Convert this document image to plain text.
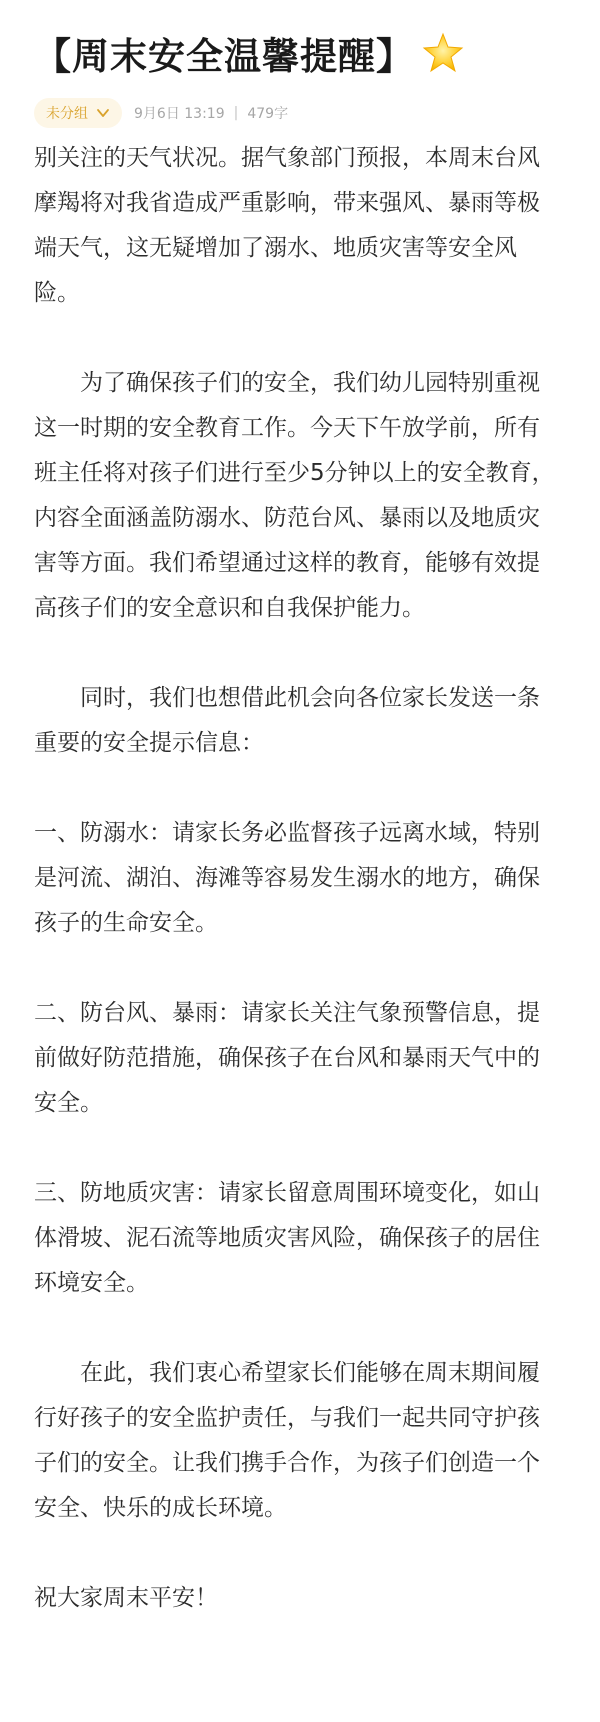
【周末安全温馨提醒】
未分组	9月6日 13:19 | 479字

别关注的天气状况。据气象部门预报，本周末台风摩羯将对我省造成严重影响，带来强风、暴雨等极端天气，这无疑增加了溺水、地质灾害等安全风险。

为了确保孩子们的安全，我们幼儿园特别重视这一时期的安全教育工作。今天下午放学前，所有班主任将对孩子们进行至少5分钟以上的安全教育，内容全面涵盖防溺水、防范台风、暴雨以及地质灾害等方面。我们希望通过这样的教育，能够有效提高孩子们的安全意识和自我保护能力。

同时，我们也想借此机会向各位家长发送一条重要的安全提示信息：

一、防溺水：请家长务必监督孩子远离水域，特别是河流、湖泊、海滩等容易发生溺水的地方，确保孩子的生命安全。

二、防台风、暴雨：请家长关注气象预警信息，提前做好防范措施，确保孩子在台风和暴雨天气中的安全。

三、防地质灾害：请家长留意周围环境变化，如山体滑坡、泥石流等地质灾害风险，确保孩子的居住环境安全。

在此，我们衷心希望家长们能够在周末期间履行好孩子的安全监护责任，与我们一起共同守护孩子们的安全。让我们携手合作，为孩子们创造一个安全、快乐的成长环境。

祝大家周末平安！
